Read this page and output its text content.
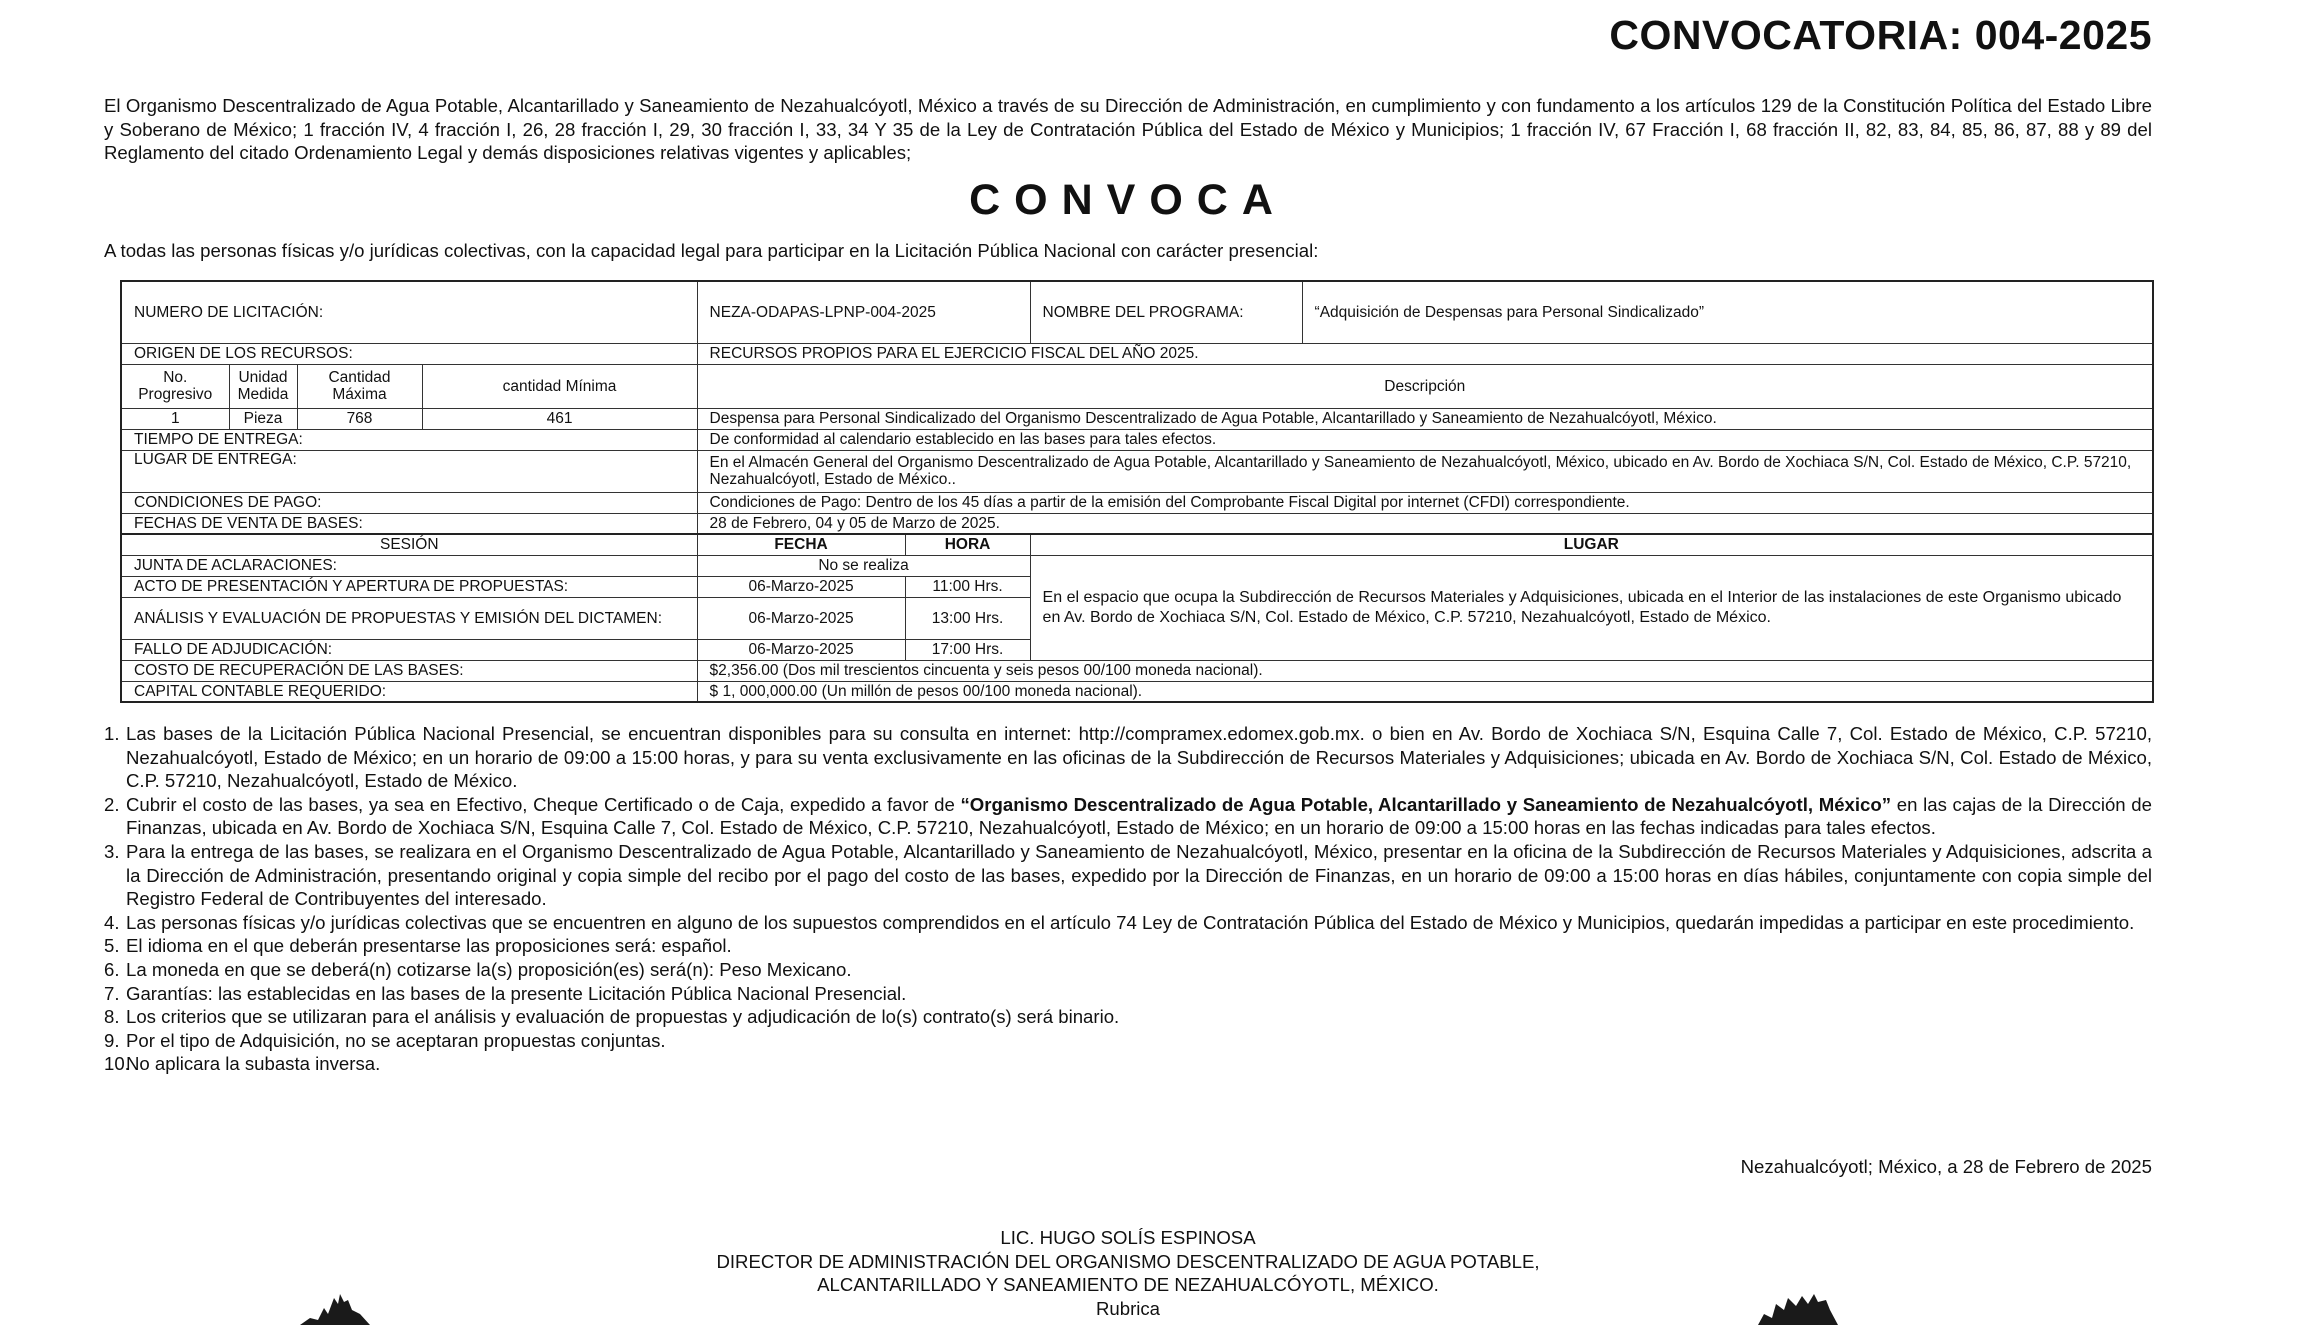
CONVOCATORIA: 004-2025
El Organismo Descentralizado de Agua Potable, Alcantarillado y Saneamiento de Nezahualcóyotl, México a través de su Dirección de Administración, en cumplimiento y con fundamento a los artículos 129 de la Constitución Política del Estado Libre y Soberano de México; 1 fracción IV, 4 fracción I, 26, 28 fracción I, 29, 30 fracción I, 33, 34 Y 35 de la Ley de Contratación Pública del Estado de México y Municipios; 1 fracción IV, 67 Fracción I, 68 fracción II, 82, 83, 84, 85, 86, 87, 88 y 89 del Reglamento del citado Ordenamiento Legal y demás disposiciones relativas vigentes y aplicables;
CONVOCA
A todas las personas físicas y/o jurídicas colectivas, con la capacidad legal para participar en la Licitación Pública Nacional con carácter presencial:
NUMERO DE LICITACIÓN:				NEZA-ODAPAS-LPNP-004-2025		NOMBRE DEL PROGRAMA:	“Adquisición de Despensas para Personal Sindicalizado”
ORIGEN DE LOS RECURSOS:				RECURSOS PROPIOS PARA EL EJERCICIO FISCAL DEL AÑO 2025.			
No. Progresivo	Unidad Medida	Cantidad Máxima	cantidad Mínima	Descripción			
1	Pieza	768	461	Despensa para Personal Sindicalizado del Organismo Descentralizado de Agua Potable, Alcantarillado y Saneamiento de Nezahualcóyotl, México.			
TIEMPO DE ENTREGA:				De conformidad al calendario establecido en las bases para tales efectos.			
LUGAR DE ENTREGA:				En el Almacén General del Organismo Descentralizado de Agua Potable, Alcantarillado y Saneamiento de Nezahualcóyotl, México, ubicado en Av. Bordo de Xochiaca S/N, Col. Estado de México, C.P. 57210, Nezahualcóyotl, Estado de México..			
CONDICIONES DE PAGO:				Condiciones de Pago: Dentro de los 45 días a partir de la emisión del Comprobante Fiscal Digital por internet (CFDI) correspondiente.			
FECHAS DE VENTA DE BASES:				28 de Febrero, 04 y 05 de Marzo de 2025.			
SESIÓN				FECHA	HORA	LUGAR	
JUNTA DE ACLARACIONES:				No se realiza		En el espacio que ocupa la Subdirección de Recursos Materiales y Adquisiciones, ubicada en el Interior de las instalaciones de este Organismo ubicado en Av. Bordo de Xochiaca S/N, Col. Estado de México, C.P. 57210, Nezahualcóyotl, Estado de México.	
ACTO DE PRESENTACIÓN Y APERTURA DE PROPUESTAS:				06-Marzo-2025	11:00 Hrs.		
ANÁLISIS Y EVALUACIÓN DE PROPUESTAS Y EMISIÓN DEL DICTAMEN:				06-Marzo-2025	13:00 Hrs.		
FALLO DE ADJUDICACIÓN:				06-Marzo-2025	17:00 Hrs.		
COSTO DE RECUPERACIÓN DE LAS BASES:				$2,356.00 (Dos mil trescientos cincuenta y seis pesos 00/100 moneda nacional).			
CAPITAL CONTABLE REQUERIDO:				$ 1, 000,000.00 (Un millón de pesos 00/100 moneda nacional).			
1. Las bases de la Licitación Pública Nacional Presencial, se encuentran disponibles para su consulta en internet: http://compramex.edomex.gob.mx. o bien en Av. Bordo de Xochiaca S/N, Esquina Calle 7, Col. Estado de México, C.P. 57210, Nezahualcóyotl, Estado de México; en un horario de 09:00 a 15:00 horas, y para su venta exclusivamente en las oficinas de la Subdirección de Recursos Materiales y Adquisiciones; ubicada en Av. Bordo de Xochiaca S/N, Col. Estado de México, C.P. 57210, Nezahualcóyotl, Estado de México.
2. Cubrir el costo de las bases, ya sea en Efectivo, Cheque Certificado o de Caja, expedido a favor de “Organismo Descentralizado de Agua Potable, Alcantarillado y Saneamiento de Nezahualcóyotl, México” en las cajas de la Dirección de Finanzas, ubicada en Av. Bordo de Xochiaca S/N, Esquina Calle 7, Col. Estado de México, C.P. 57210, Nezahualcóyotl, Estado de México; en un horario de 09:00 a 15:00 horas en las fechas indicadas para tales efectos.
3. Para la entrega de las bases, se realizara en el Organismo Descentralizado de Agua Potable, Alcantarillado y Saneamiento de Nezahualcóyotl, México, presentar en la oficina de la Subdirección de Recursos Materiales y Adquisiciones, adscrita a la Dirección de Administración, presentando original y copia simple del recibo por el pago del costo de las bases, expedido por la Dirección de Finanzas, en un horario de 09:00 a 15:00 horas en días hábiles, conjuntamente con copia simple del Registro Federal de Contribuyentes del interesado.
4. Las personas físicas y/o jurídicas colectivas que se encuentren en alguno de los supuestos comprendidos en el artículo 74 Ley de Contratación Pública del Estado de México y Municipios, quedarán impedidas a participar en este procedimiento.
5. El idioma en el que deberán presentarse las proposiciones será: español.
6. La moneda en que se deberá(n) cotizarse la(s) proposición(es) será(n): Peso Mexicano.
7. Garantías: las establecidas en las bases de la presente Licitación Pública Nacional Presencial.
8. Los criterios que se utilizaran para el análisis y evaluación de propuestas y adjudicación de lo(s) contrato(s) será binario.
9. Por el tipo de Adquisición, no se aceptaran propuestas conjuntas.
10.No aplicara la subasta inversa.
Nezahualcóyotl; México, a 28 de Febrero de 2025
LIC. HUGO SOLÍS ESPINOSA
DIRECTOR DE ADMINISTRACIÓN DEL ORGANISMO DESCENTRALIZADO DE AGUA POTABLE,
ALCANTARILLADO Y SANEAMIENTO DE NEZAHUALCÓYOTL, MÉXICO.
Rubrica
